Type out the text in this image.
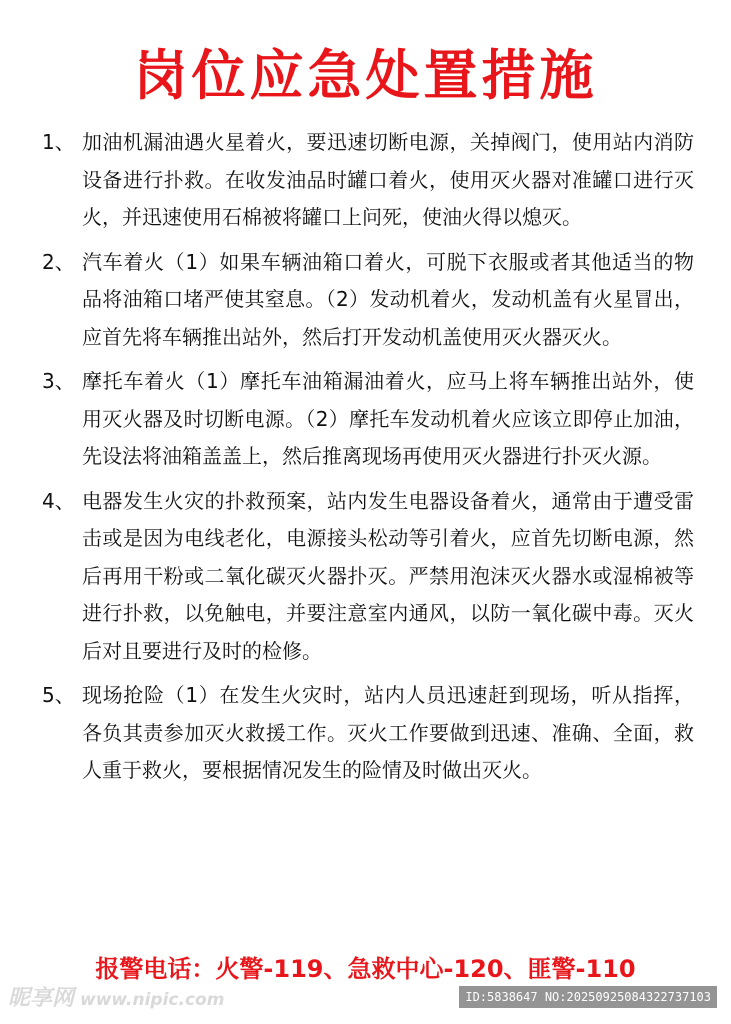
岗位应急处置措施
1、 加油机漏油遇火星着火，要迅速切断电源，关掉阀门，使用站内消防设备进行扑救。在收发油品时罐口着火，使用灭火器对准罐口进行灭火，并迅速使用石棉被将罐口上问死，使油火得以熄灭。
2、 汽车着火（1）如果车辆油箱口着火，可脱下衣服或者其他适当的物品将油箱口堵严使其窒息。（2）发动机着火，发动机盖有火星冒出，应首先将车辆推出站外，然后打开发动机盖使用灭火器灭火。
3、 摩托车着火（1）摩托车油箱漏油着火，应马上将车辆推出站外，使用灭火器及时切断电源。（2）摩托车发动机着火应该立即停止加油，先设法将油箱盖盖上，然后推离现场再使用灭火器进行扑灭火源。
4、 电器发生火灾的扑救预案，站内发生电器设备着火，通常由于遭受雷击或是因为电线老化，电源接头松动等引着火，应首先切断电源，然后再用干粉或二氧化碳灭火器扑灭。严禁用泡沫灭火器水或湿棉被等进行扑救，以免触电，并要注意室内通风，以防一氧化碳中毒。灭火后对且要进行及时的检修。
5、 现场抢险（1）在发生火灾时，站内人员迅速赶到现场，听从指挥，各负其责参加灭火救援工作。灭火工作要做到迅速、准确、全面，救人重于救火，要根据情况发生的险情及时做出灭火。
报警电话：火警-119、急救中心-120、匪警-110
昵享网 www.nipic.com	ID:5838647 NO:20250925084322737103
